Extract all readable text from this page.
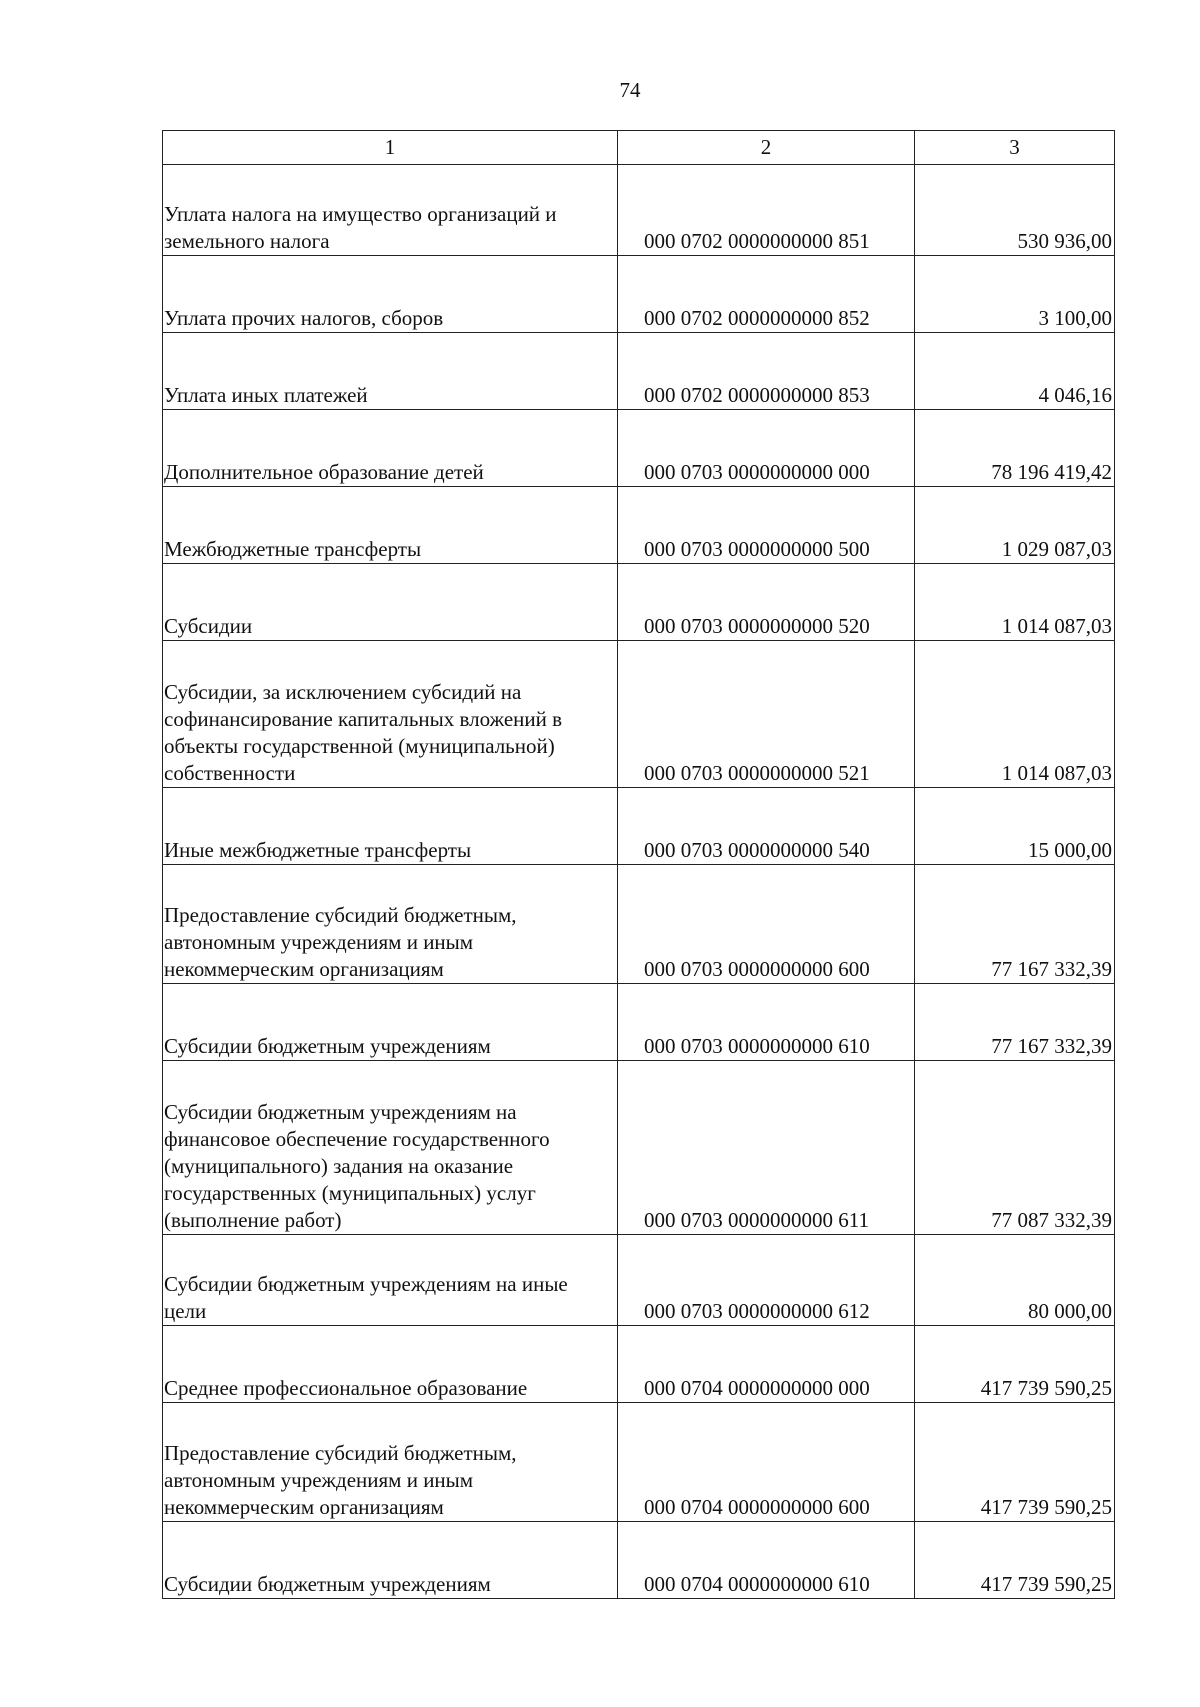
74
1	2	3
Уплата налога на имущество организаций и земельного налога	000 0702 0000000000 851	530 936,00
Уплата прочих налогов, сборов	000 0702 0000000000 852	3 100,00
Уплата иных платежей	000 0702 0000000000 853	4 046,16
Дополнительное образование детей	000 0703 0000000000 000	78 196 419,42
Межбюджетные трансферты	000 0703 0000000000 500	1 029 087,03
Субсидии	000 0703 0000000000 520	1 014 087,03
Субсидии, за исключением субсидий на софинансирование капитальных вложений в объекты государственной (муниципальной) собственности	000 0703 0000000000 521	1 014 087,03
Иные межбюджетные трансферты	000 0703 0000000000 540	15 000,00
Предоставление субсидий бюджетным, автономным учреждениям и иным некоммерческим организациям	000 0703 0000000000 600	77 167 332,39
Субсидии бюджетным учреждениям	000 0703 0000000000 610	77 167 332,39
Субсидии бюджетным учреждениям на финансовое обеспечение государственного (муниципального) задания на оказание государственных (муниципальных) услуг (выполнение работ)	000 0703 0000000000 611	77 087 332,39
Субсидии бюджетным учреждениям на иные цели	000 0703 0000000000 612	80 000,00
Среднее профессиональное образование	000 0704 0000000000 000	417 739 590,25
Предоставление субсидий бюджетным, автономным учреждениям и иным некоммерческим организациям	000 0704 0000000000 600	417 739 590,25
Субсидии бюджетным учреждениям	000 0704 0000000000 610	417 739 590,25
